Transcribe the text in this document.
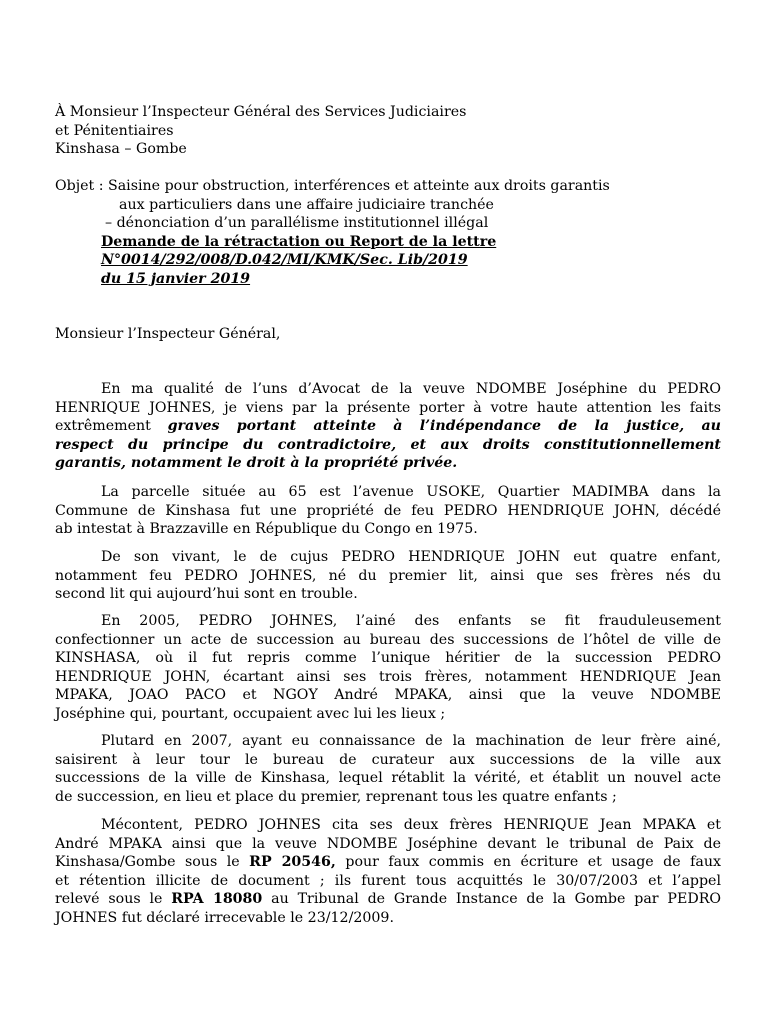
À Monsieur l’Inspecteur Général des Services Judiciaires
et Pénitentiaires
Kinshasa – Gombe
Objet : Saisine pour obstruction, interférences et atteinte aux droits garantis
aux particuliers dans une affaire judiciaire tranchée
– dénonciation d’un parallélisme institutionnel illégal
Demande de la rétractation ou Report de la lettre
N°0014/292/008/D.042/MI/KMK/Sec. Lib/2019
du 15 janvier 2019
Monsieur l’Inspecteur Général,
En ma qualité de l’uns d’Avocat de la veuve NDOMBE Joséphine du PEDRO
HENRIQUE JOHNES, je viens par la présente porter à votre haute attention les faits
extrêmement graves portant atteinte à l’indépendance de la justice, au
respect du principe du contradictoire, et aux droits constitutionnellement
garantis, notamment le droit à la propriété privée.
La parcelle située au 65 est l’avenue USOKE, Quartier MADIMBA dans la
Commune de Kinshasa fut une propriété de feu PEDRO HENDRIQUE JOHN, décédé
ab intestat à Brazzaville en République du Congo en 1975.
De son vivant, le de cujus PEDRO HENDRIQUE JOHN eut quatre enfant,
notamment feu PEDRO JOHNES, né du premier lit, ainsi que ses frères nés du
second lit qui aujourd’hui sont en trouble.
En 2005, PEDRO JOHNES, l’ainé des enfants se fit frauduleusement
confectionner un acte de succession au bureau des successions de l’hôtel de ville de
KINSHASA, où il fut repris comme l’unique héritier de la succession PEDRO
HENDRIQUE JOHN, écartant ainsi ses trois frères, notamment HENDRIQUE Jean
MPAKA, JOAO PACO et NGOY André MPAKA, ainsi que la veuve NDOMBE
Joséphine qui, pourtant, occupaient avec lui les lieux ;
Plutard en 2007, ayant eu connaissance de la machination de leur frère ainé,
saisirent à leur tour le bureau de curateur aux successions de la ville aux
successions de la ville de Kinshasa, lequel rétablit la vérité, et établit un nouvel acte
de succession, en lieu et place du premier, reprenant tous les quatre enfants ;
Mécontent, PEDRO JOHNES cita ses deux frères HENRIQUE Jean MPAKA et
André MPAKA ainsi que la veuve NDOMBE Joséphine devant le tribunal de Paix de
Kinshasa/Gombe sous le RP 20546, pour faux commis en écriture et usage de faux
et rétention illicite de document ; ils furent tous acquittés le 30/07/2003 et l’appel
relevé sous le RPA 18080 au Tribunal de Grande Instance de la Gombe par PEDRO
JOHNES fut déclaré irrecevable le 23/12/2009.
